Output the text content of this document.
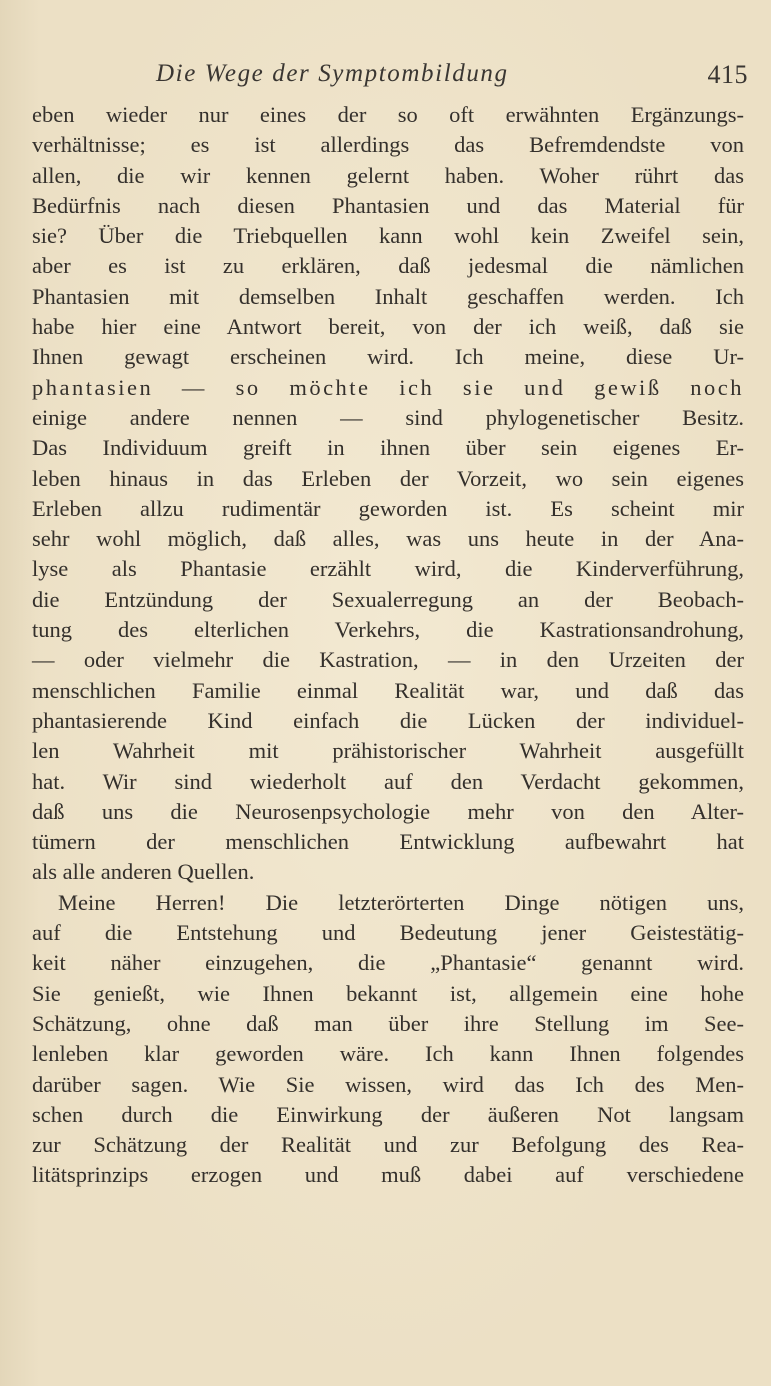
Die Wege der Symptombildung	415
eben wieder nur eines der so oft erwähnten Ergänzungs-
verhältnisse; es ist allerdings das Befremdendste von
allen, die wir kennen gelernt haben. Woher rührt das
Bedürfnis nach diesen Phantasien und das Material für
sie? Über die Triebquellen kann wohl kein Zweifel sein,
aber es ist zu erklären, daß jedesmal die nämlichen
Phantasien mit demselben Inhalt geschaffen werden. Ich
habe hier eine Antwort bereit, von der ich weiß, daß sie
Ihnen gewagt erscheinen wird. Ich meine, diese Ur-
phantasien — so möchte ich sie und gewiß noch
einige andere nennen — sind phylogenetischer Besitz.
Das Individuum greift in ihnen über sein eigenes Er-
leben hinaus in das Erleben der Vorzeit, wo sein eigenes
Erleben allzu rudimentär geworden ist. Es scheint mir
sehr wohl möglich, daß alles, was uns heute in der Ana-
lyse als Phantasie erzählt wird, die Kinderverführung,
die Entzündung der Sexualerregung an der Beobach-
tung des elterlichen Verkehrs, die Kastrationsandrohung,
— oder vielmehr die Kastration, — in den Urzeiten der
menschlichen Familie einmal Realität war, und daß das
phantasierende Kind einfach die Lücken der individuel-
len Wahrheit mit prähistorischer Wahrheit ausgefüllt
hat. Wir sind wiederholt auf den Verdacht gekommen,
daß uns die Neurosenpsychologie mehr von den Alter-
tümern der menschlichen Entwicklung aufbewahrt hat
als alle anderen Quellen.
Meine Herren! Die letzterörterten Dinge nötigen uns,
auf die Entstehung und Bedeutung jener Geistestätig-
keit näher einzugehen, die „Phantasie“ genannt wird.
Sie genießt, wie Ihnen bekannt ist, allgemein eine hohe
Schätzung, ohne daß man über ihre Stellung im See-
lenleben klar geworden wäre. Ich kann Ihnen folgendes
darüber sagen. Wie Sie wissen, wird das Ich des Men-
schen durch die Einwirkung der äußeren Not langsam
zur Schätzung der Realität und zur Befolgung des Rea-
litätsprinzips erzogen und muß dabei auf verschiedene
